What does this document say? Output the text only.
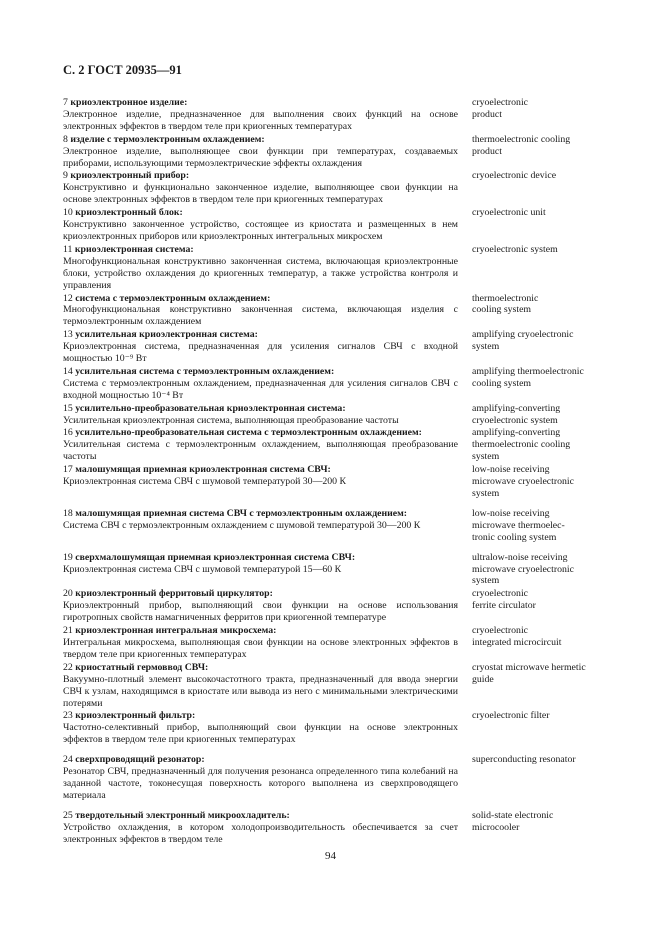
С. 2 ГОСТ 20935—91
7 криоэлектронное изделие:
Электронное изделие, предназначенное для выполнения своих функций на основе электронных эффектов в твердом теле при криогенных температурах
cryoelectronic
product
8 изделие с термоэлектронным охлаждением:
Электронное изделие, выполняющее свои функции при температурах, создаваемых приборами, использующими термоэлектрические эффекты охлаждения
thermoelectronic cooling
product
9 криоэлектронный прибор:
Конструктивно и функционально законченное изделие, выполняющее свои функции на основе электронных эффектов в твердом теле при криогенных температурах
cryoelectronic device
10 криоэлектронный блок:
Конструктивно законченное устройство, состоящее из криостата и размещенных в нем криоэлектронных приборов или криоэлектронных интегральных микросхем
cryoelectronic unit
11 криоэлектронная система:
Многофункциональная конструктивно законченная система, включающая криоэлектронные блоки, устройство охлаждения до криогенных температур, а также устройства контроля и управления
cryoelectronic system
12 система с термоэлектронным охлаждением:
Многофункциональная конструктивно законченная система, включающая изделия с термоэлектронным охлаждением
thermoelectronic
cooling system
13 усилительная криоэлектронная система:
Криоэлектронная система, предназначенная для усиления сигналов СВЧ с входной мощностью 10⁻⁹ Вт
amplifying cryoelectronic
system
14 усилительная система с термоэлектронным охлаждением:
Система с термоэлектронным охлаждением, предназначенная для усиления сигналов СВЧ с входной мощностью 10⁻⁴ Вт
amplifying thermoelectronic
cooling system
15 усилительно-преобразовательная криоэлектронная система:
Усилительная криоэлектронная система, выполняющая преобразование частоты
amplifying-converting
cryoelectronic system
16 усилительно-преобразовательная система с термоэлектронным охлаждением:
Усилительная система с термоэлектронным охлаждением, выполняющая преобразование частоты
amplifying-converting
thermoelectronic cooling
system
17 малошумящая приемная криоэлектронная система СВЧ:
Криоэлектронная система СВЧ с шумовой температурой 30—200 К
low-noise receiving
microwave cryoelectronic
system
18 малошумящая приемная система СВЧ с термоэлектронным охлаждением:
Система СВЧ с термоэлектронным охлаждением с шумовой температурой 30—200 К
low-noise receiving
microwave thermoelec-
tronic cooling system
19 сверхмалошумящая приемная криоэлектронная система СВЧ:
Криоэлектронная система СВЧ с шумовой температурой 15—60 К
ultralow-noise receiving
microwave cryoelectronic
system
20 криоэлектронный ферритовый циркулятор:
Криоэлектронный прибор, выполняющий свои функции на основе использования гиротропных свойств намагниченных ферритов при криогенной температуре
cryoelectronic
ferrite circulator
21 криоэлектронная интегральная микросхема:
Интегральная микросхема, выполняющая свои функции на основе электронных эффектов в твердом теле при криогенных температурах
cryoelectronic
integrated microcircuit
22 криостатный гермоввод СВЧ:
Вакуумно-плотный элемент высокочастотного тракта, предназначенный для ввода энергии СВЧ к узлам, находящимся в криостате или вывода из него с минимальными электрическими потерями
cryostat microwave hermetic
guide
23 криоэлектронный фильтр:
Частотно-селективный прибор, выполняющий свои функции на основе электронных эффектов в твердом теле при криогенных температурах
cryoelectronic filter
24 сверхпроводящий резонатор:
Резонатор СВЧ, предназначенный для получения резонанса определенного типа колебаний на заданной частоте, токонесущая поверхность которого выполнена из сверхпроводящего материала
superconducting resonator
25 твердотельный электронный микроохладитель:
Устройство охлаждения, в котором холодопроизводительность обеспечивается за счет электронных эффектов в твердом теле
solid-state electronic
microcooler
94
